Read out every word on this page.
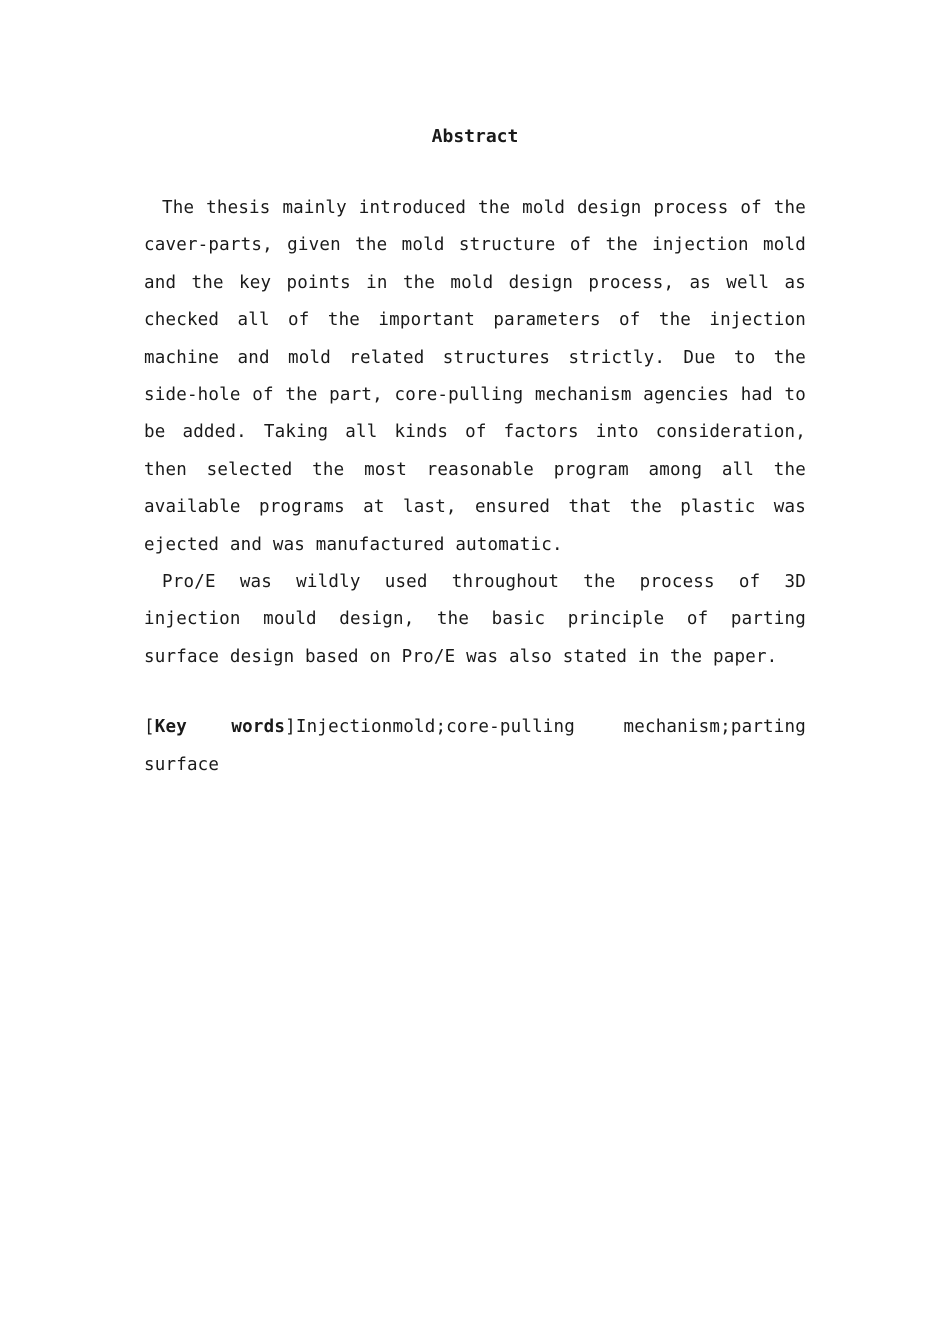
Abstract

The thesis mainly introduced the mold design process of the caver-parts, given the mold structure of the injection mold and the key points in the mold design process, as well as checked all of the important parameters of the injection machine and mold related structures strictly. Due to the side-hole of the part, core-pulling mechanism agencies had to be added. Taking all kinds of factors into consideration, then selected the most reasonable program among all the available programs at last, ensured that the plastic was ejected and was manufactured automatic.

Pro/E was wildly used throughout the process of 3D injection mould design, the basic principle of parting surface design based on Pro/E was also stated in the paper.

[Key words]Injectionmold;core-pulling mechanism;parting surface
